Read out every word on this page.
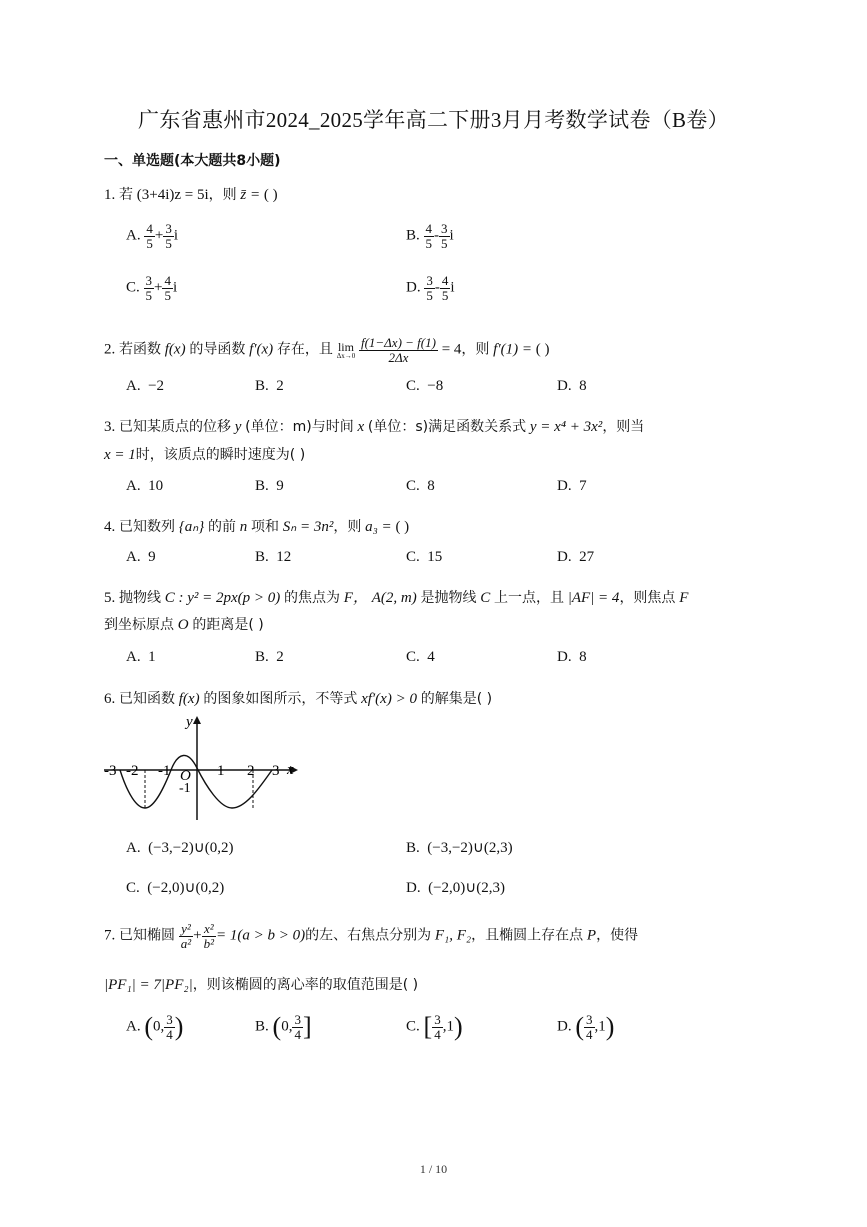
广东省惠州市2024_2025学年高二下册3月月考数学试卷（B卷）
一、单选题(本大题共8小题)
1. 若 (3+4i)z = 5i，则 z̄ = ( )
A. $\frac{4}{5} + \frac{3}{5}$ i	B. $\frac{4}{5} - \frac{3}{5}$ i
C. $\frac{3}{5} + \frac{4}{5}$ i	D. $\frac{3}{5} - \frac{4}{5}$ i
2. 若函数 f(x) 的导函数 f′(x) 存在，且 lim
Δx→0
$\frac{f(1-\Delta x) - f(1)}{2\Delta x} = 4$，则 f′(1) = ( )
A. −2	B. 2	C. −8	D. 8
3. 已知某质点的位移 y (单位：m)与时间 x (单位：s)满足函数关系式 y = x⁴ + 3x²，则当
x = 1时，该质点的瞬时速度为( )
A. 10	B. 9	C. 8	D. 7
4. 已知数列 {aₙ} 的前 n 项和 Sₙ = 3n²，则 a₃ = ( )
A. 9	B. 12	C. 15	D. 27
5. 抛物线 C : y² = 2px(p > 0) 的焦点为 F， A(2, m) 是抛物线 C 上一点，且 |AF| = 4，则焦点 F
到坐标原点 O 的距离是( )
A. 1	B. 2	C. 4	D. 8
6. 已知函数 f(x) 的图象如图所示，不等式 xf′(x) > 0 的解集是( )
y
x
O
-3 -2 -1	1 2 3
-1
A. (−3,−2)∪(0,2)	B. (−3,−2)∪(2,3)
C. (−2,0)∪(0,2)	D. (−2,0)∪(2,3)
7. 已知椭圆 $\frac{\text{y²}}{\text{a²}} + \frac{\text{x²}}{\text{b²}} = 1(a > b > 0)$的左、右焦点分别为 F₁, F₂，且椭圆上存在点 P，使得
|PF₁| = 7|PF₂|，则该椭圆的离心率的取值范围是( )
A. (0, $\frac{3}{4}$ )	B. (0, $\frac{3}{4}$ ]	C. [ $\frac{3}{4} ,1$)	D. ( $\frac{3}{4} ,1$)
1 / 10
